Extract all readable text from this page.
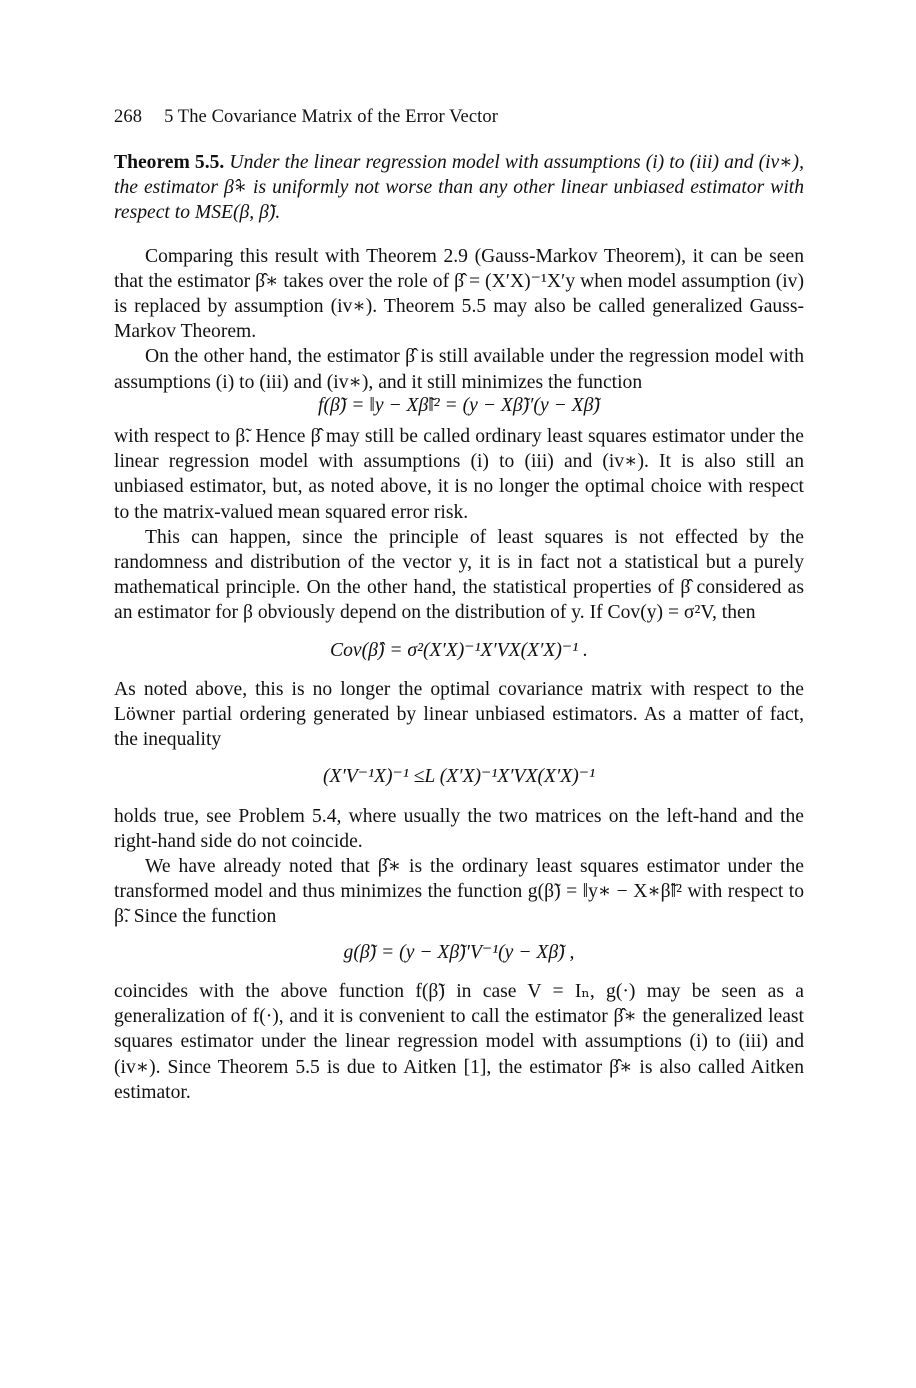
268 5 The Covariance Matrix of the Error Vector

Theorem 5.5. Under the linear regression model with assumptions (i) to (iii) and (iv∗), the estimator β̂∗ is uniformly not worse than any other linear unbiased estimator with respect to MSE(β, β̃).

Comparing this result with Theorem 2.9 (Gauss-Markov Theorem), it can be seen that the estimator β̂∗ takes over the role of β̂ = (X′X)⁻¹X′y when model assumption (iv) is replaced by assumption (iv∗). Theorem 5.5 may also be called generalized Gauss-Markov Theorem.

On the other hand, the estimator β̂ is still available under the regression model with assumptions (i) to (iii) and (iv∗), and it still minimizes the function

f(β̃) = ‖y − Xβ̃‖² = (y − Xβ̃)′(y − Xβ̃)

with respect to β̃. Hence β̂ may still be called ordinary least squares estimator under the linear regression model with assumptions (i) to (iii) and (iv∗). It is also still an unbiased estimator, but, as noted above, it is no longer the optimal choice with respect to the matrix-valued mean squared error risk.

This can happen, since the principle of least squares is not effected by the randomness and distribution of the vector y, it is in fact not a statistical but a purely mathematical principle. On the other hand, the statistical properties of β̂ considered as an estimator for β obviously depend on the distribution of y. If Cov(y) = σ²V, then

Cov(β̂) = σ²(X′X)⁻¹X′VX(X′X)⁻¹ .

As noted above, this is no longer the optimal covariance matrix with respect to the Löwner partial ordering generated by linear unbiased estimators. As a matter of fact, the inequality

(X′V⁻¹X)⁻¹ ≤L (X′X)⁻¹X′VX(X′X)⁻¹

holds true, see Problem 5.4, where usually the two matrices on the left-hand and the right-hand side do not coincide.

We have already noted that β̂∗ is the ordinary least squares estimator under the transformed model and thus minimizes the function g(β̃) = ‖y∗ − X∗β̃‖² with respect to β̃. Since the function

g(β̃) = (y − Xβ̃)′V⁻¹(y − Xβ̃) ,

coincides with the above function f(β̃) in case V = Iₙ, g(·) may be seen as a generalization of f(·), and it is convenient to call the estimator β̂∗ the generalized least squares estimator under the linear regression model with assumptions (i) to (iii) and (iv∗). Since Theorem 5.5 is due to Aitken [1], the estimator β̂∗ is also called Aitken estimator.
